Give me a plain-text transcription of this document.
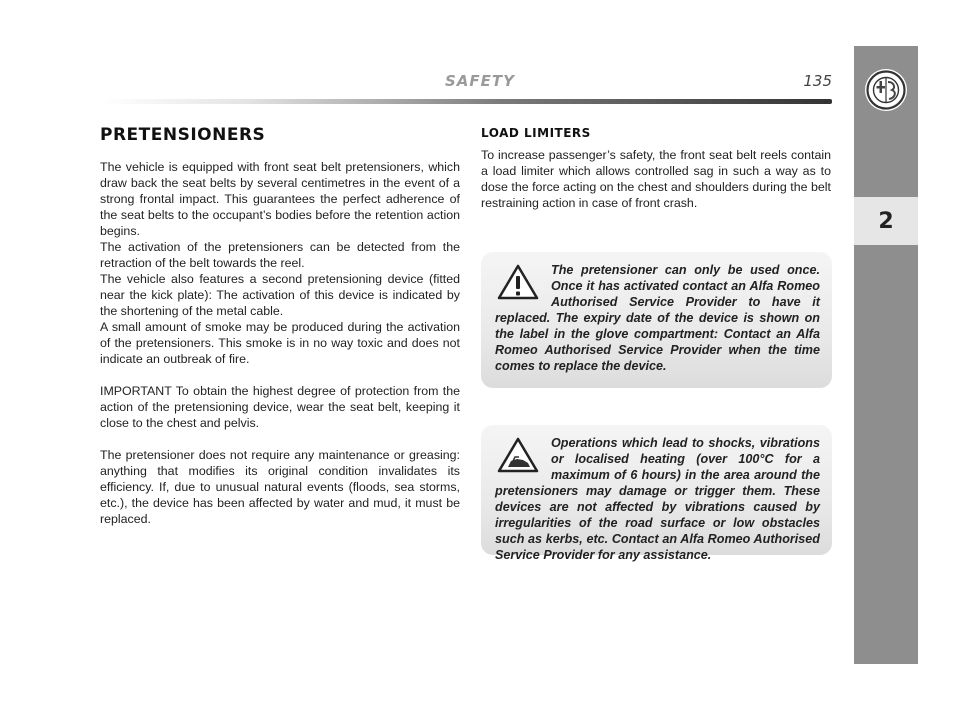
SAFETY	135
2
PRETENSIONERS

The vehicle is equipped with front seat belt pretensioners, which draw back the seat belts by several centimetres in the event of a strong frontal impact. This guarantees the perfect adherence of the seat belts to the occupant’s bodies before the retention action begins.

The activation of the pretensioners can be detected from the retraction of the belt towards the reel.

The vehicle also features a second pretensioning device (fitted near the kick plate): The activation of this device is indicated by the shortening of the metal cable.

A small amount of smoke may be produced during the activation of the pretensioners. This smoke is in no way toxic and does not indicate an outbreak of fire.

IMPORTANT To obtain the highest degree of protection from the action of the pretensioning device, wear the seat belt, keeping it close to the chest and pelvis.

The pretensioner does not require any maintenance or greasing: anything that modifies its original condition invalidates its efficiency. If, due to unusual natural events (floods, sea storms, etc.), the device has been affected by water and mud, it must be replaced.

LOAD LIMITERS

To increase passenger’s safety, the front seat belt reels contain a load limiter which allows controlled sag in such a way as to dose the force acting on the chest and shoulders during the belt restraining action in case of front crash.

The pretensioner can only be used once. Once it has activated contact an Alfa Romeo Authorised Service Provider to have it replaced. The expiry date of the device is shown on the label in the glove compartment: Contact an Alfa Romeo Authorised Service Provider when the time comes to replace the device.

Operations which lead to shocks, vibrations or localised heating (over 100°C for a maximum of 6 hours) in the area around the pretensioners may damage or trigger them. These devices are not affected by vibrations caused by irregularities of the road surface or low obstacles such as kerbs, etc. Contact an Alfa Romeo Authorised Service Provider for any assistance.
